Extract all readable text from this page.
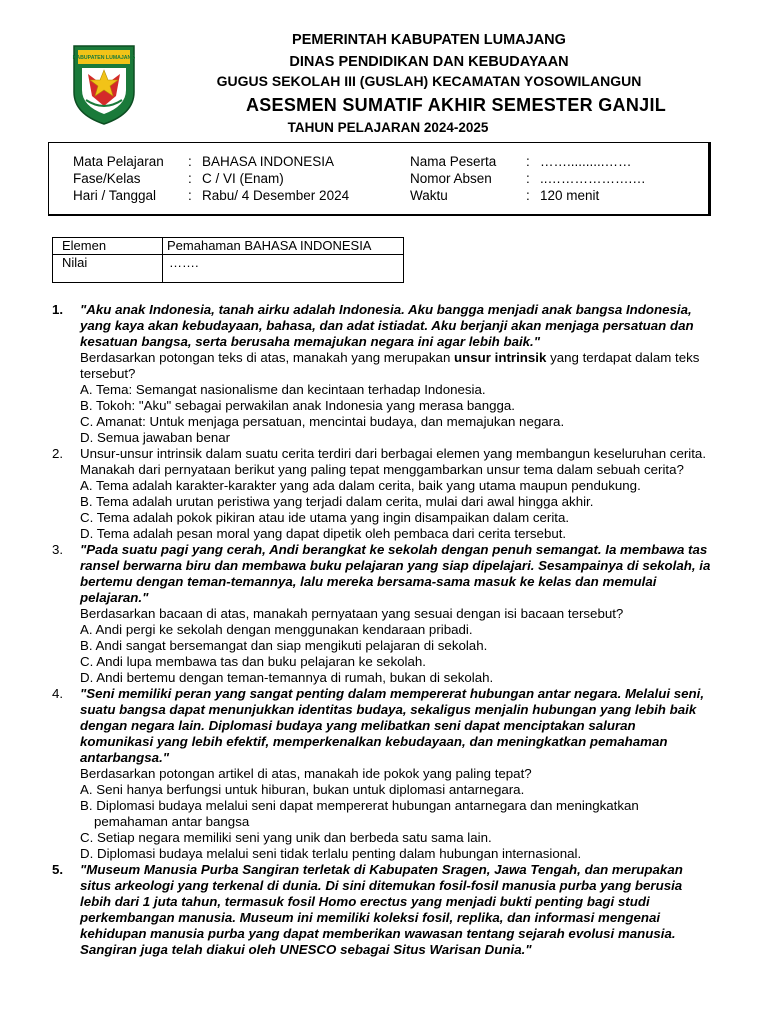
KABUPATEN LUMAJANG
PEMERINTAH KABUPATEN LUMAJANG
DINAS PENDIDIKAN DAN KEBUDAYAAN
GUGUS SEKOLAH III (GUSLAH) KECAMATAN YOSOWILANGUN
ASESMEN SUMATIF AKHIR SEMESTER GANJIL
TAHUN PELAJARAN 2024-2025
Mata Pelajaran : BAHASA INDONESIA	Nama Peserta : ……..........……
Fase/Kelas	: C / VI (Enam)	Nomor Absen	: ..……………….…
Hari / Tanggal : Rabu/ 4 Desember 2024	Waktu	: 120 menit
Elemen	Pemahaman BAHASA INDONESIA
Nilai	…….
1. "Aku anak Indonesia, tanah airku adalah Indonesia. Aku bangga menjadi anak bangsa Indonesia, yang kaya akan kebudayaan, bahasa, dan adat istiadat. Aku berjanji akan menjaga persatuan dan kesatuan bangsa, serta berusaha memajukan negara ini agar lebih baik."
Berdasarkan potongan teks di atas, manakah yang merupakan unsur intrinsik yang terdapat dalam teks tersebut?
A. Tema: Semangat nasionalisme dan kecintaan terhadap Indonesia.
B. Tokoh: "Aku" sebagai perwakilan anak Indonesia yang merasa bangga.
C. Amanat: Untuk menjaga persatuan, mencintai budaya, dan memajukan negara.
D. Semua jawaban benar
2. Unsur-unsur intrinsik dalam suatu cerita terdiri dari berbagai elemen yang membangun keseluruhan cerita. Manakah dari pernyataan berikut yang paling tepat menggambarkan unsur tema dalam sebuah cerita?
A. Tema adalah karakter-karakter yang ada dalam cerita, baik yang utama maupun pendukung.
B. Tema adalah urutan peristiwa yang terjadi dalam cerita, mulai dari awal hingga akhir.
C. Tema adalah pokok pikiran atau ide utama yang ingin disampaikan dalam cerita.
D. Tema adalah pesan moral yang dapat dipetik oleh pembaca dari cerita tersebut.
3. "Pada suatu pagi yang cerah, Andi berangkat ke sekolah dengan penuh semangat. Ia membawa tas ransel berwarna biru dan membawa buku pelajaran yang siap dipelajari. Sesampainya di sekolah, ia bertemu dengan teman-temannya, lalu mereka bersama-sama masuk ke kelas dan memulai pelajaran."
Berdasarkan bacaan di atas, manakah pernyataan yang sesuai dengan isi bacaan tersebut?
A. Andi pergi ke sekolah dengan menggunakan kendaraan pribadi.
B. Andi sangat bersemangat dan siap mengikuti pelajaran di sekolah.
C. Andi lupa membawa tas dan buku pelajaran ke sekolah.
D. Andi bertemu dengan teman-temannya di rumah, bukan di sekolah.
4. "Seni memiliki peran yang sangat penting dalam mempererat hubungan antar negara. Melalui seni, suatu bangsa dapat menunjukkan identitas budaya, sekaligus menjalin hubungan yang lebih baik dengan negara lain. Diplomasi budaya yang melibatkan seni dapat menciptakan saluran komunikasi yang lebih efektif, memperkenalkan kebudayaan, dan meningkatkan pemahaman antarbangsa."
Berdasarkan potongan artikel di atas, manakah ide pokok yang paling tepat?
A. Seni hanya berfungsi untuk hiburan, bukan untuk diplomasi antarnegara.
B. Diplomasi budaya melalui seni dapat mempererat hubungan antarnegara dan meningkatkan pemahaman antar bangsa
C. Setiap negara memiliki seni yang unik dan berbeda satu sama lain.
D. Diplomasi budaya melalui seni tidak terlalu penting dalam hubungan internasional.
5. "Museum Manusia Purba Sangiran terletak di Kabupaten Sragen, Jawa Tengah, dan merupakan situs arkeologi yang terkenal di dunia. Di sini ditemukan fosil-fosil manusia purba yang berusia lebih dari 1 juta tahun, termasuk fosil Homo erectus yang menjadi bukti penting bagi studi perkembangan manusia. Museum ini memiliki koleksi fosil, replika, dan informasi mengenai kehidupan manusia purba yang dapat memberikan wawasan tentang sejarah evolusi manusia. Sangiran juga telah diakui oleh UNESCO sebagai Situs Warisan Dunia."
